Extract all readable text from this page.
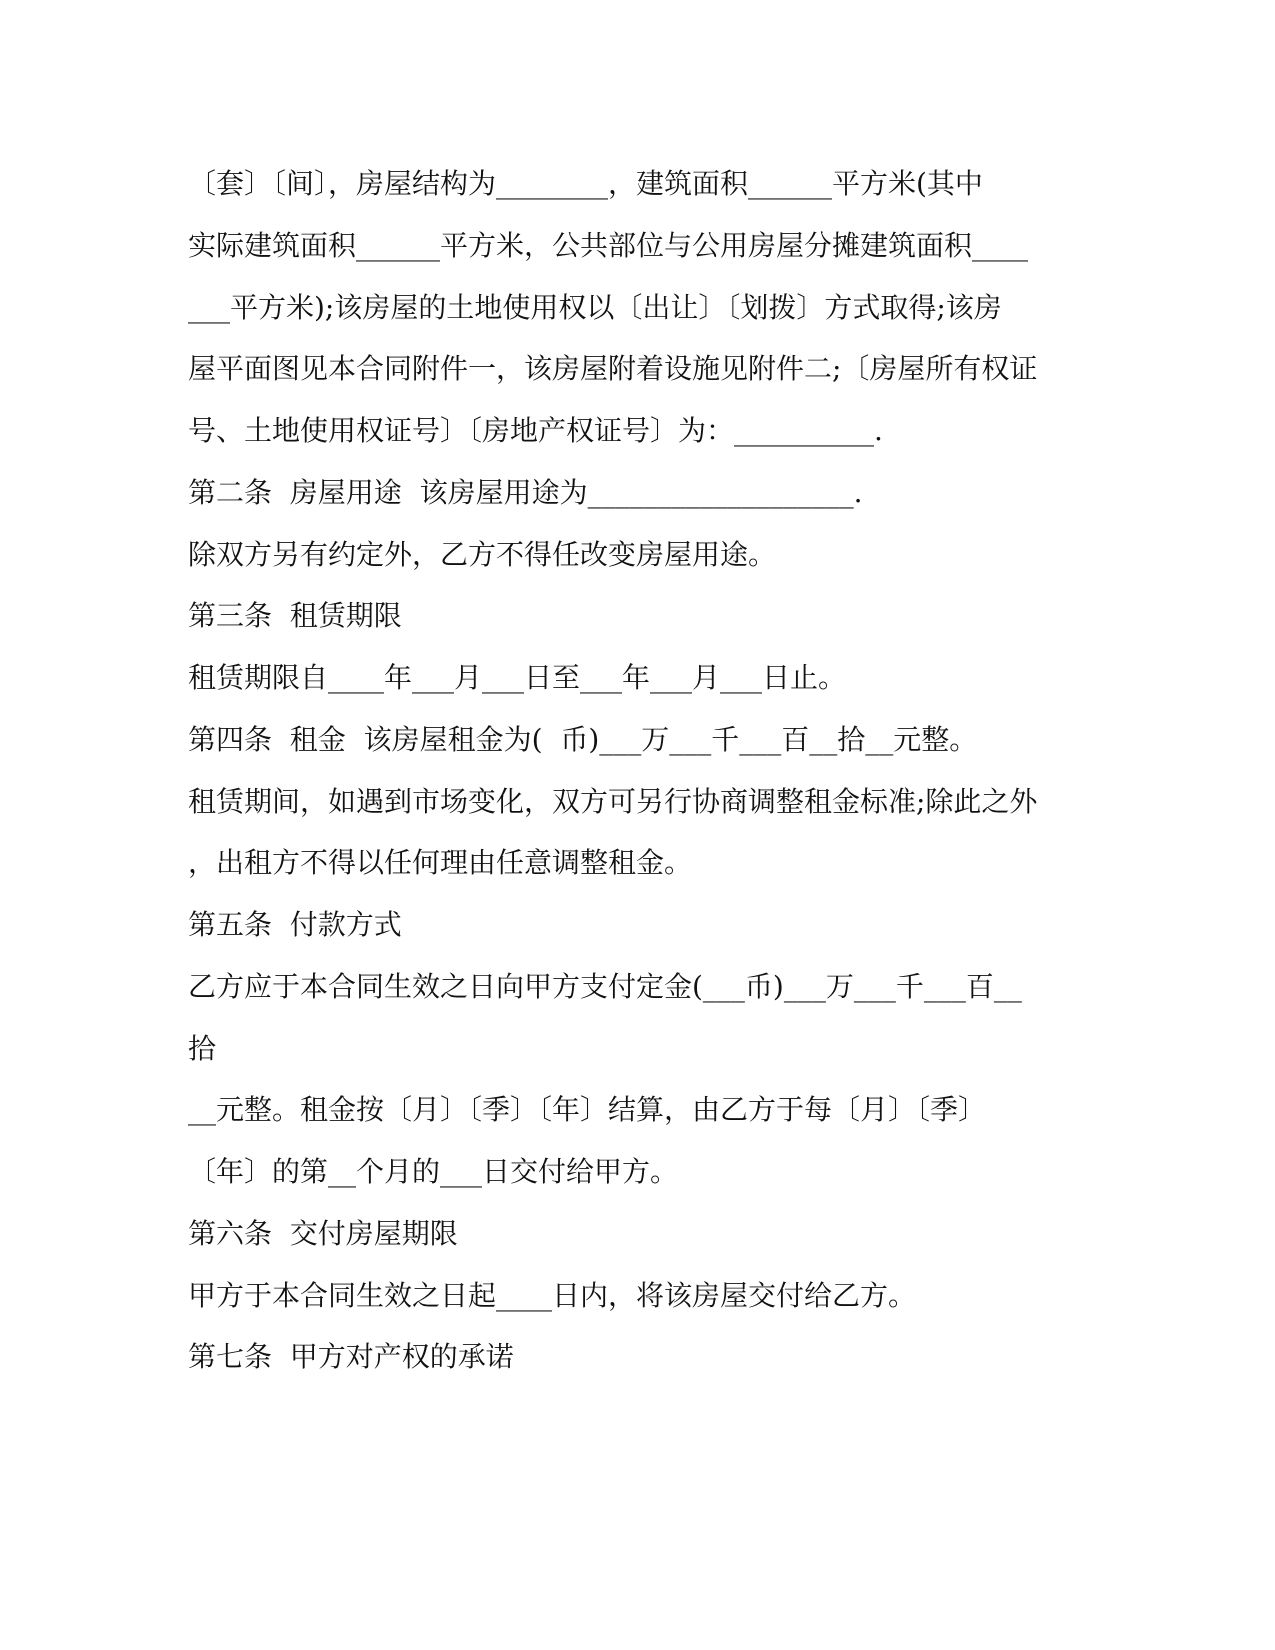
〔套〕〔间〕，房屋结构为________，建筑面积______平方米(其中

实际建筑面积______平方米，公共部位与公用房屋分摊建筑面积____

___平方米);该房屋的土地使用权以〔出让〕〔划拨〕方式取得;该房

屋平面图见本合同附件一，该房屋附着设施见附件二;〔房屋所有权证

号、土地使用权证号〕〔房地产权证号〕为：__________.

第二条  房屋用途  该房屋用途为___________________.

除双方另有约定外，乙方不得任改变房屋用途。

第三条  租赁期限

租赁期限自____年___月___日至___年___月___日止。

第四条  租金  该房屋租金为(  币)___万___千___百__拾__元整。

租赁期间，如遇到市场变化，双方可另行协商调整租金标准;除此之外

，出租方不得以任何理由任意调整租金。

第五条  付款方式

乙方应于本合同生效之日向甲方支付定金(___币)___万___千___百__

拾

__元整。租金按〔月〕〔季〕〔年〕结算，由乙方于每〔月〕〔季〕

〔年〕的第__个月的___日交付给甲方。

第六条  交付房屋期限

甲方于本合同生效之日起____日内，将该房屋交付给乙方。

第七条  甲方对产权的承诺
